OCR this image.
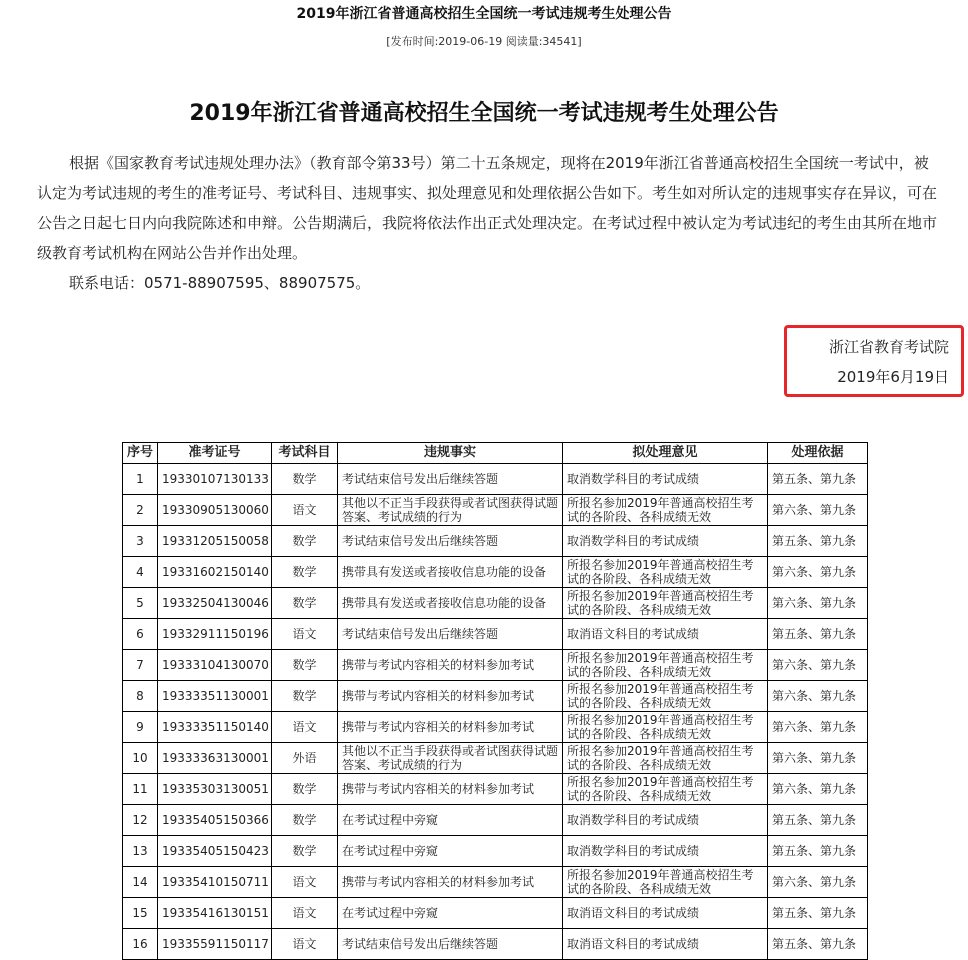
2019年浙江省普通高校招生全国统一考试违规考生处理公告
[发布时间:2019-06-19 阅读量:34541]
2019年浙江省普通高校招生全国统一考试违规考生处理公告

根据《国家教育考试违规处理办法》（教育部令第33号）第二十五条规定，现将在2019年浙江省普通高校招生全国统一考试中，被认定为考试违规的考生的准考证号、考试科目、违规事实、拟处理意见和处理依据公告如下。考生如对所认定的违规事实存在异议，可在公告之日起七日内向我院陈述和申辩。公告期满后，我院将依法作出正式处理决定。在考试过程中被认定为考试违纪的考生由其所在地市级教育考试机构在网站公告并作出处理。

联系电话：0571-88907595、88907575。

浙江省教育考试院
2019年6月19日
序号	准考证号	考试科目	违规事实	拟处理意见	处理依据
1	19330107130133	数学	考试结束信号发出后继续答题	取消数学科目的考试成绩	第五条、第九条
2	19330905130060	语文	其他以不正当手段获得或者试图获得试题答案、考试成绩的行为	所报名参加2019年普通高校招生考试的各阶段、各科成绩无效	第六条、第九条
3	19331205150058	数学	考试结束信号发出后继续答题	取消数学科目的考试成绩	第五条、第九条
4	19331602150140	数学	携带具有发送或者接收信息功能的设备	所报名参加2019年普通高校招生考试的各阶段、各科成绩无效	第六条、第九条
5	19332504130046	数学	携带具有发送或者接收信息功能的设备	所报名参加2019年普通高校招生考试的各阶段、各科成绩无效	第六条、第九条
6	19332911150196	语文	考试结束信号发出后继续答题	取消语文科目的考试成绩	第五条、第九条
7	19333104130070	数学	携带与考试内容相关的材料参加考试	所报名参加2019年普通高校招生考试的各阶段、各科成绩无效	第六条、第九条
8	19333351130001	数学	携带与考试内容相关的材料参加考试	所报名参加2019年普通高校招生考试的各阶段、各科成绩无效	第六条、第九条
9	19333351150140	语文	携带与考试内容相关的材料参加考试	所报名参加2019年普通高校招生考试的各阶段、各科成绩无效	第六条、第九条
10	19333363130001	外语	其他以不正当手段获得或者试图获得试题答案、考试成绩的行为	所报名参加2019年普通高校招生考试的各阶段、各科成绩无效	第六条、第九条
11	19335303130051	数学	携带与考试内容相关的材料参加考试	所报名参加2019年普通高校招生考试的各阶段、各科成绩无效	第六条、第九条
12	19335405150366	数学	在考试过程中旁窥	取消数学科目的考试成绩	第五条、第九条
13	19335405150423	数学	在考试过程中旁窥	取消数学科目的考试成绩	第五条、第九条
14	19335410150711	语文	携带与考试内容相关的材料参加考试	所报名参加2019年普通高校招生考试的各阶段、各科成绩无效	第六条、第九条
15	19335416130151	语文	在考试过程中旁窥	取消语文科目的考试成绩	第五条、第九条
16	19335591150117	语文	考试结束信号发出后继续答题	取消语文科目的考试成绩	第五条、第九条
